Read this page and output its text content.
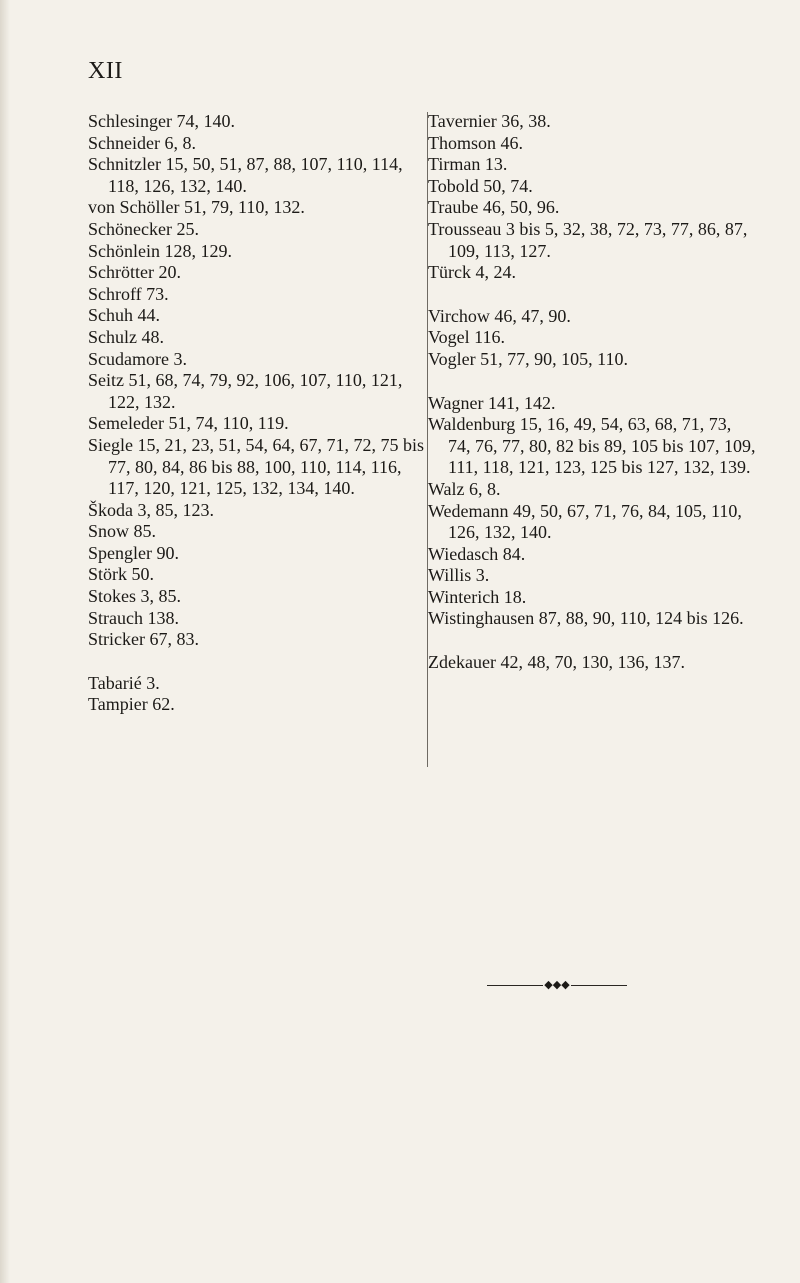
XII

Schlesinger 74, 140.

Schneider 6, 8.

Schnitzler 15, 50, 51, 87, 88, 107, 110, 114, 118, 126, 132, 140.

von Schöller 51, 79, 110, 132.

Schönecker 25.

Schönlein 128, 129.

Schrötter 20.

Schroff 73.

Schuh 44.

Schulz 48.

Scudamore 3.

Seitz 51, 68, 74, 79, 92, 106, 107, 110, 121, 122, 132.

Semeleder 51, 74, 110, 119.

Siegle 15, 21, 23, 51, 54, 64, 67, 71, 72, 75 bis 77, 80, 84, 86 bis 88, 100, 110, 114, 116, 117, 120, 121, 125, 132, 134, 140.

Škoda 3, 85, 123.

Snow 85.

Spengler 90.

Störk 50.

Stokes 3, 85.

Strauch 138.

Stricker 67, 83.

Tabarié 3.

Tampier 62.

Tavernier 36, 38.

Thomson 46.

Tirman 13.

Tobold 50, 74.

Traube 46, 50, 96.

Trousseau 3 bis 5, 32, 38, 72, 73, 77, 86, 87, 109, 113, 127.

Türck 4, 24.

Virchow 46, 47, 90.

Vogel 116.

Vogler 51, 77, 90, 105, 110.

Wagner 141, 142.

Waldenburg 15, 16, 49, 54, 63, 68, 71, 73, 74, 76, 77, 80, 82 bis 89, 105 bis 107, 109, 111, 118, 121, 123, 125 bis 127, 132, 139.

Walz 6, 8.

Wedemann 49, 50, 67, 71, 76, 84, 105, 110, 126, 132, 140.

Wiedasch 84.

Willis 3.

Winterich 18.

Wistinghausen 87, 88, 90, 110, 124 bis 126.

Zdekauer 42, 48, 70, 130, 136, 137.

◆◆◆
